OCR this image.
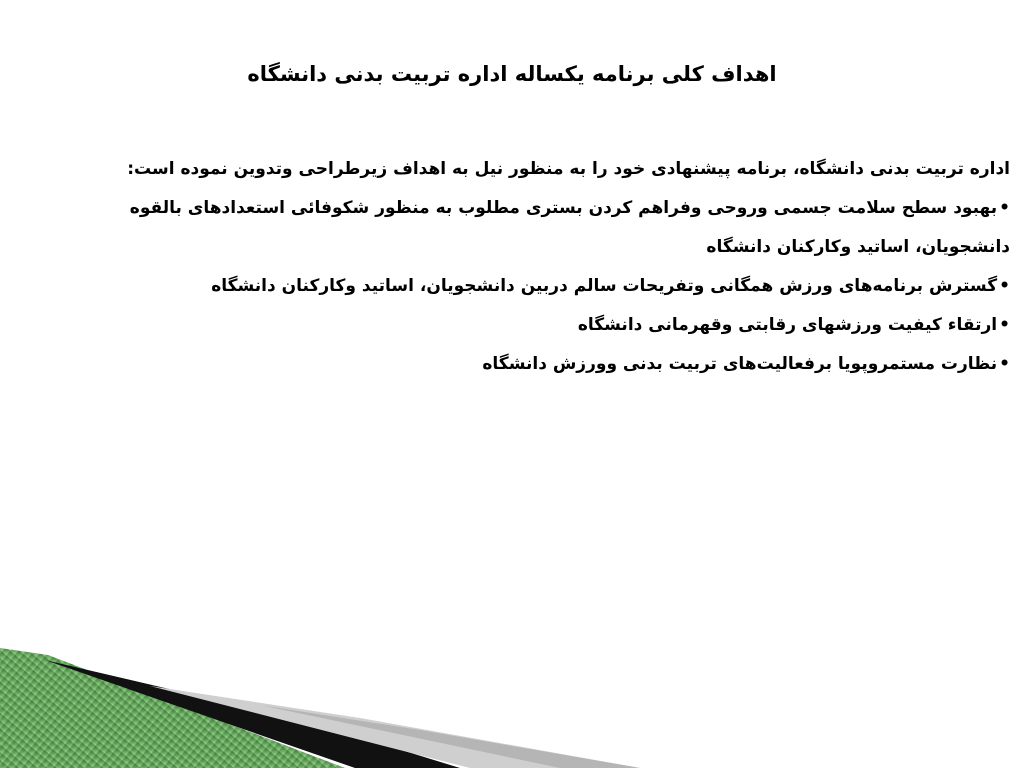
اهداف کلی برنامه یکساله اداره تربیت بدنی دانشگاه

اداره تربیت بدنی دانشگاه، برنامه پیشنهادی خود را به منظور نیل به اهداف زیرطراحی وتدوین نموده است:

•بهبود سطح سلامت جسمی وروحی وفراهم کردن بستری مطلوب به منظور شکوفائی استعدادهای بالقوه دانشجویان، اساتید وکارکنان دانشگاه
•گسترش برنامه‌های ورزش همگانی وتفریحات سالم دربین دانشجویان، اساتید وکارکنان دانشگاه
•ارتقاء کیفیت ورزشهای رقابتی وقهرمانی دانشگاه
•نظارت مستمروپویا برفعالیت‌های تربیت بدنی وورزش دانشگاه
